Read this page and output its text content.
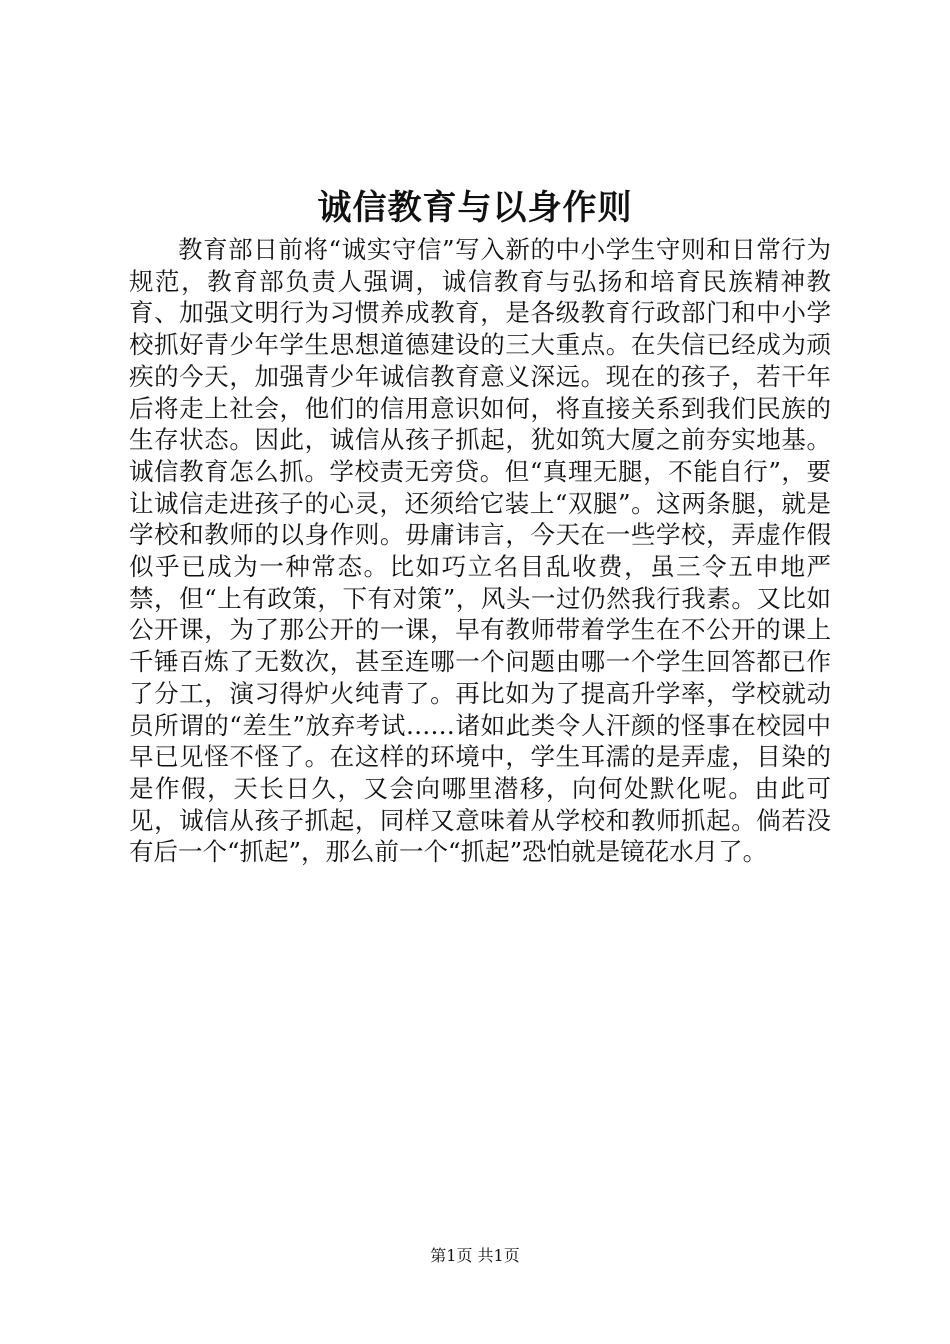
诚信教育与以身作则

教育部日前将“诚实守信”写入新的中小学生守则和日常行为规范，教育部负责人强调，诚信教育与弘扬和培育民族精神教育、加强文明行为习惯养成教育，是各级教育行政部门和中小学校抓好青少年学生思想道德建设的三大重点。在失信已经成为顽疾的今天，加强青少年诚信教育意义深远。现在的孩子，若干年后将走上社会，他们的信用意识如何，将直接关系到我们民族的生存状态。因此，诚信从孩子抓起，犹如筑大厦之前夯实地基。诚信教育怎么抓。学校责无旁贷。但“真理无腿，不能自行”，要让诚信走进孩子的心灵，还须给它装上“双腿”。这两条腿，就是学校和教师的以身作则。毋庸讳言，今天在一些学校，弄虚作假似乎已成为一种常态。比如巧立名目乱收费，虽三令五申地严禁，但“上有政策，下有对策”，风头一过仍然我行我素。又比如公开课，为了那公开的一课，早有教师带着学生在不公开的课上千锤百炼了无数次，甚至连哪一个问题由哪一个学生回答都已作了分工，演习得炉火纯青了。再比如为了提高升学率，学校就动员所谓的“差生”放弃考试……诸如此类令人汗颜的怪事在校园中早已见怪不怪了。在这样的环境中，学生耳濡的是弄虚，目染的是作假，天长日久，又会向哪里潜移，向何处默化呢。由此可见，诚信从孩子抓起，同样又意味着从学校和教师抓起。倘若没有后一个“抓起”，那么前一个“抓起”恐怕就是镜花水月了。

第1页 共1页
